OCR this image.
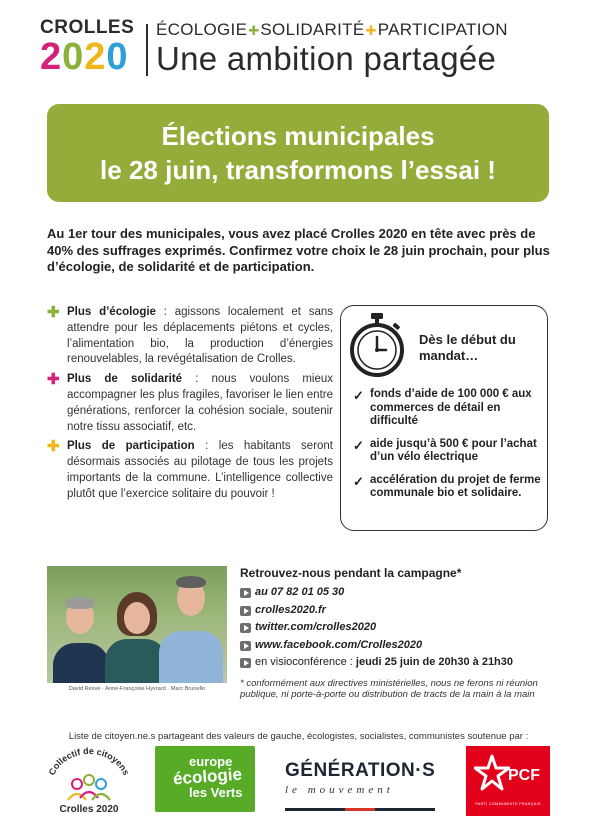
CROLLES
2020
ÉCOLOGIE✚SOLIDARITÉ✚PARTICIPATION
Une ambition partagée
Élections municipales
le 28 juin, transformons l’essai !
Au 1er tour des municipales, vous avez placé Crolles 2020 en tête avec près de 40% des suffrages exprimés. Confirmez votre choix le 28 juin prochain, pour plus d’écologie, de solidarité et de participation.
✚ Plus d’écologie : agissons localement et sans attendre pour les déplacements piétons et cycles, l’alimentation bio, la production d’énergies renouvelables, la revégétalisation de Crolles.
✚ Plus de solidarité : nous voulons mieux accompagner les plus fragiles, favoriser le lien entre générations, renforcer la cohésion sociale, soutenir notre tissu associatif, etc.
✚ Plus de participation : les habitants seront désormais associés au pilotage de tous les projets importants de la commune. L’intelligence collective plutôt que l’exercice solitaire du pouvoir !
Dès le début du mandat…
✓ fonds d’aide de 100 000 € aux commerces de détail en difficulté
✓ aide jusqu’à 500 € pour l’achat d’un vélo électrique
✓ accélération du projet de ferme communale bio et solidaire.
David Resve · Anne-Françoise Hyvrard · Marc Brunello
Retrouvez-nous pendant la campagne*
au 07 82 01 05 30
crolles2020.fr
twitter.com/crolles2020
www.facebook.com/Crolles2020
en visioconférence : jeudi 25 juin de 20h30 à 21h30
* conformément aux directives ministérielles, nous ne ferons ni réunion publique, ni porte-à-porte ou distribution de tracts de la main à la main
Liste de citoyen.ne.s partageant des valeurs de gauche, écologistes, socialistes, communistes soutenue par :
Collectif de citoyens
Crolles 2020
europe
écologie
les Verts
GÉNÉRATION·S
le mouvement
PCF
PARTI COMMUNISTE FRANÇAIS
